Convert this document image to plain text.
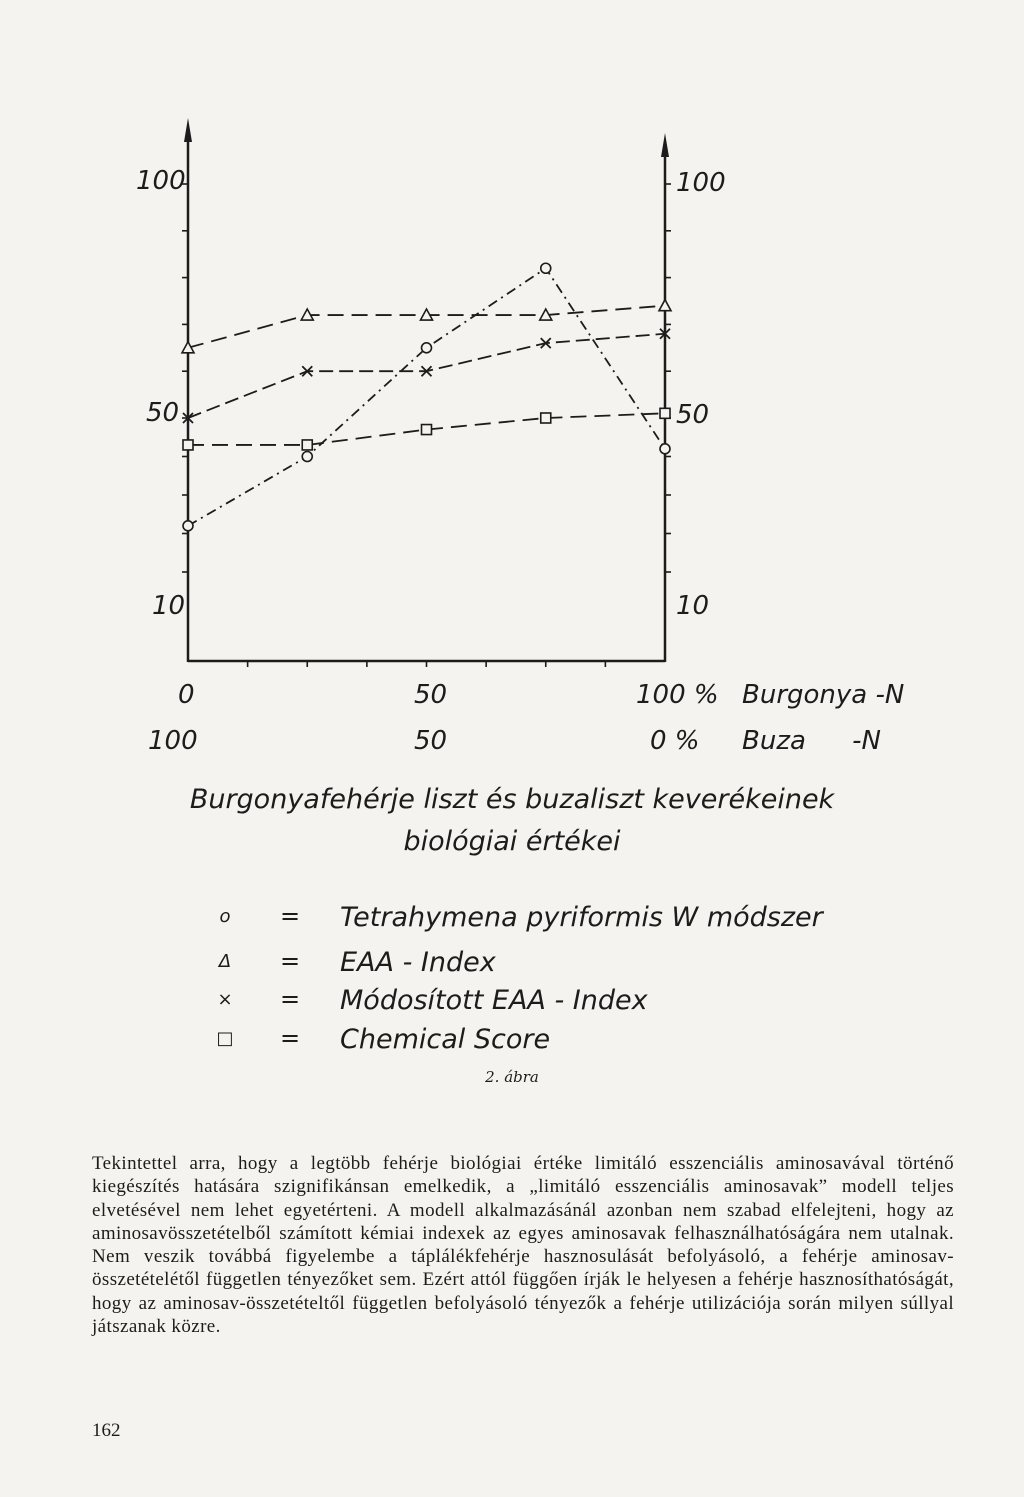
100
50
10
100
50
10
0	50	100 % Burgonya -N
100	50	0 % Buza -N
Burgonyafehérje liszt és buzaliszt keverékeinek
biológiai értékei
o	= Tetrahymena pyriformis W módszer
Δ	= EAA - Index
×	= Módosított EAA - Index
□ = Chemical Score
2. ábra
Tekintettel arra, hogy a legtöbb fehérje biológiai értéke limitáló esszenciális aminosavával történő kiegészítés hatására szignifikánsan emelkedik, a „limitáló esszenciális aminosavak” modell teljes elvetésével nem lehet egyetérteni. A modell alkalmazásánál azonban nem szabad elfelejteni, hogy az aminosavösszetételből számított kémiai indexek az egyes aminosavak felhasználhatóságára nem utalnak. Nem veszik továbbá figyelembe a táplálékfehérje hasznosulását befolyásoló, a fehérje aminosav-összetételétől független tényezőket sem. Ezért attól függően írják le helyesen a fehérje hasznosíthatóságát, hogy az aminosav-összetételtől független befolyásoló tényezők a fehérje utilizációja során milyen súllyal játszanak közre.
162
